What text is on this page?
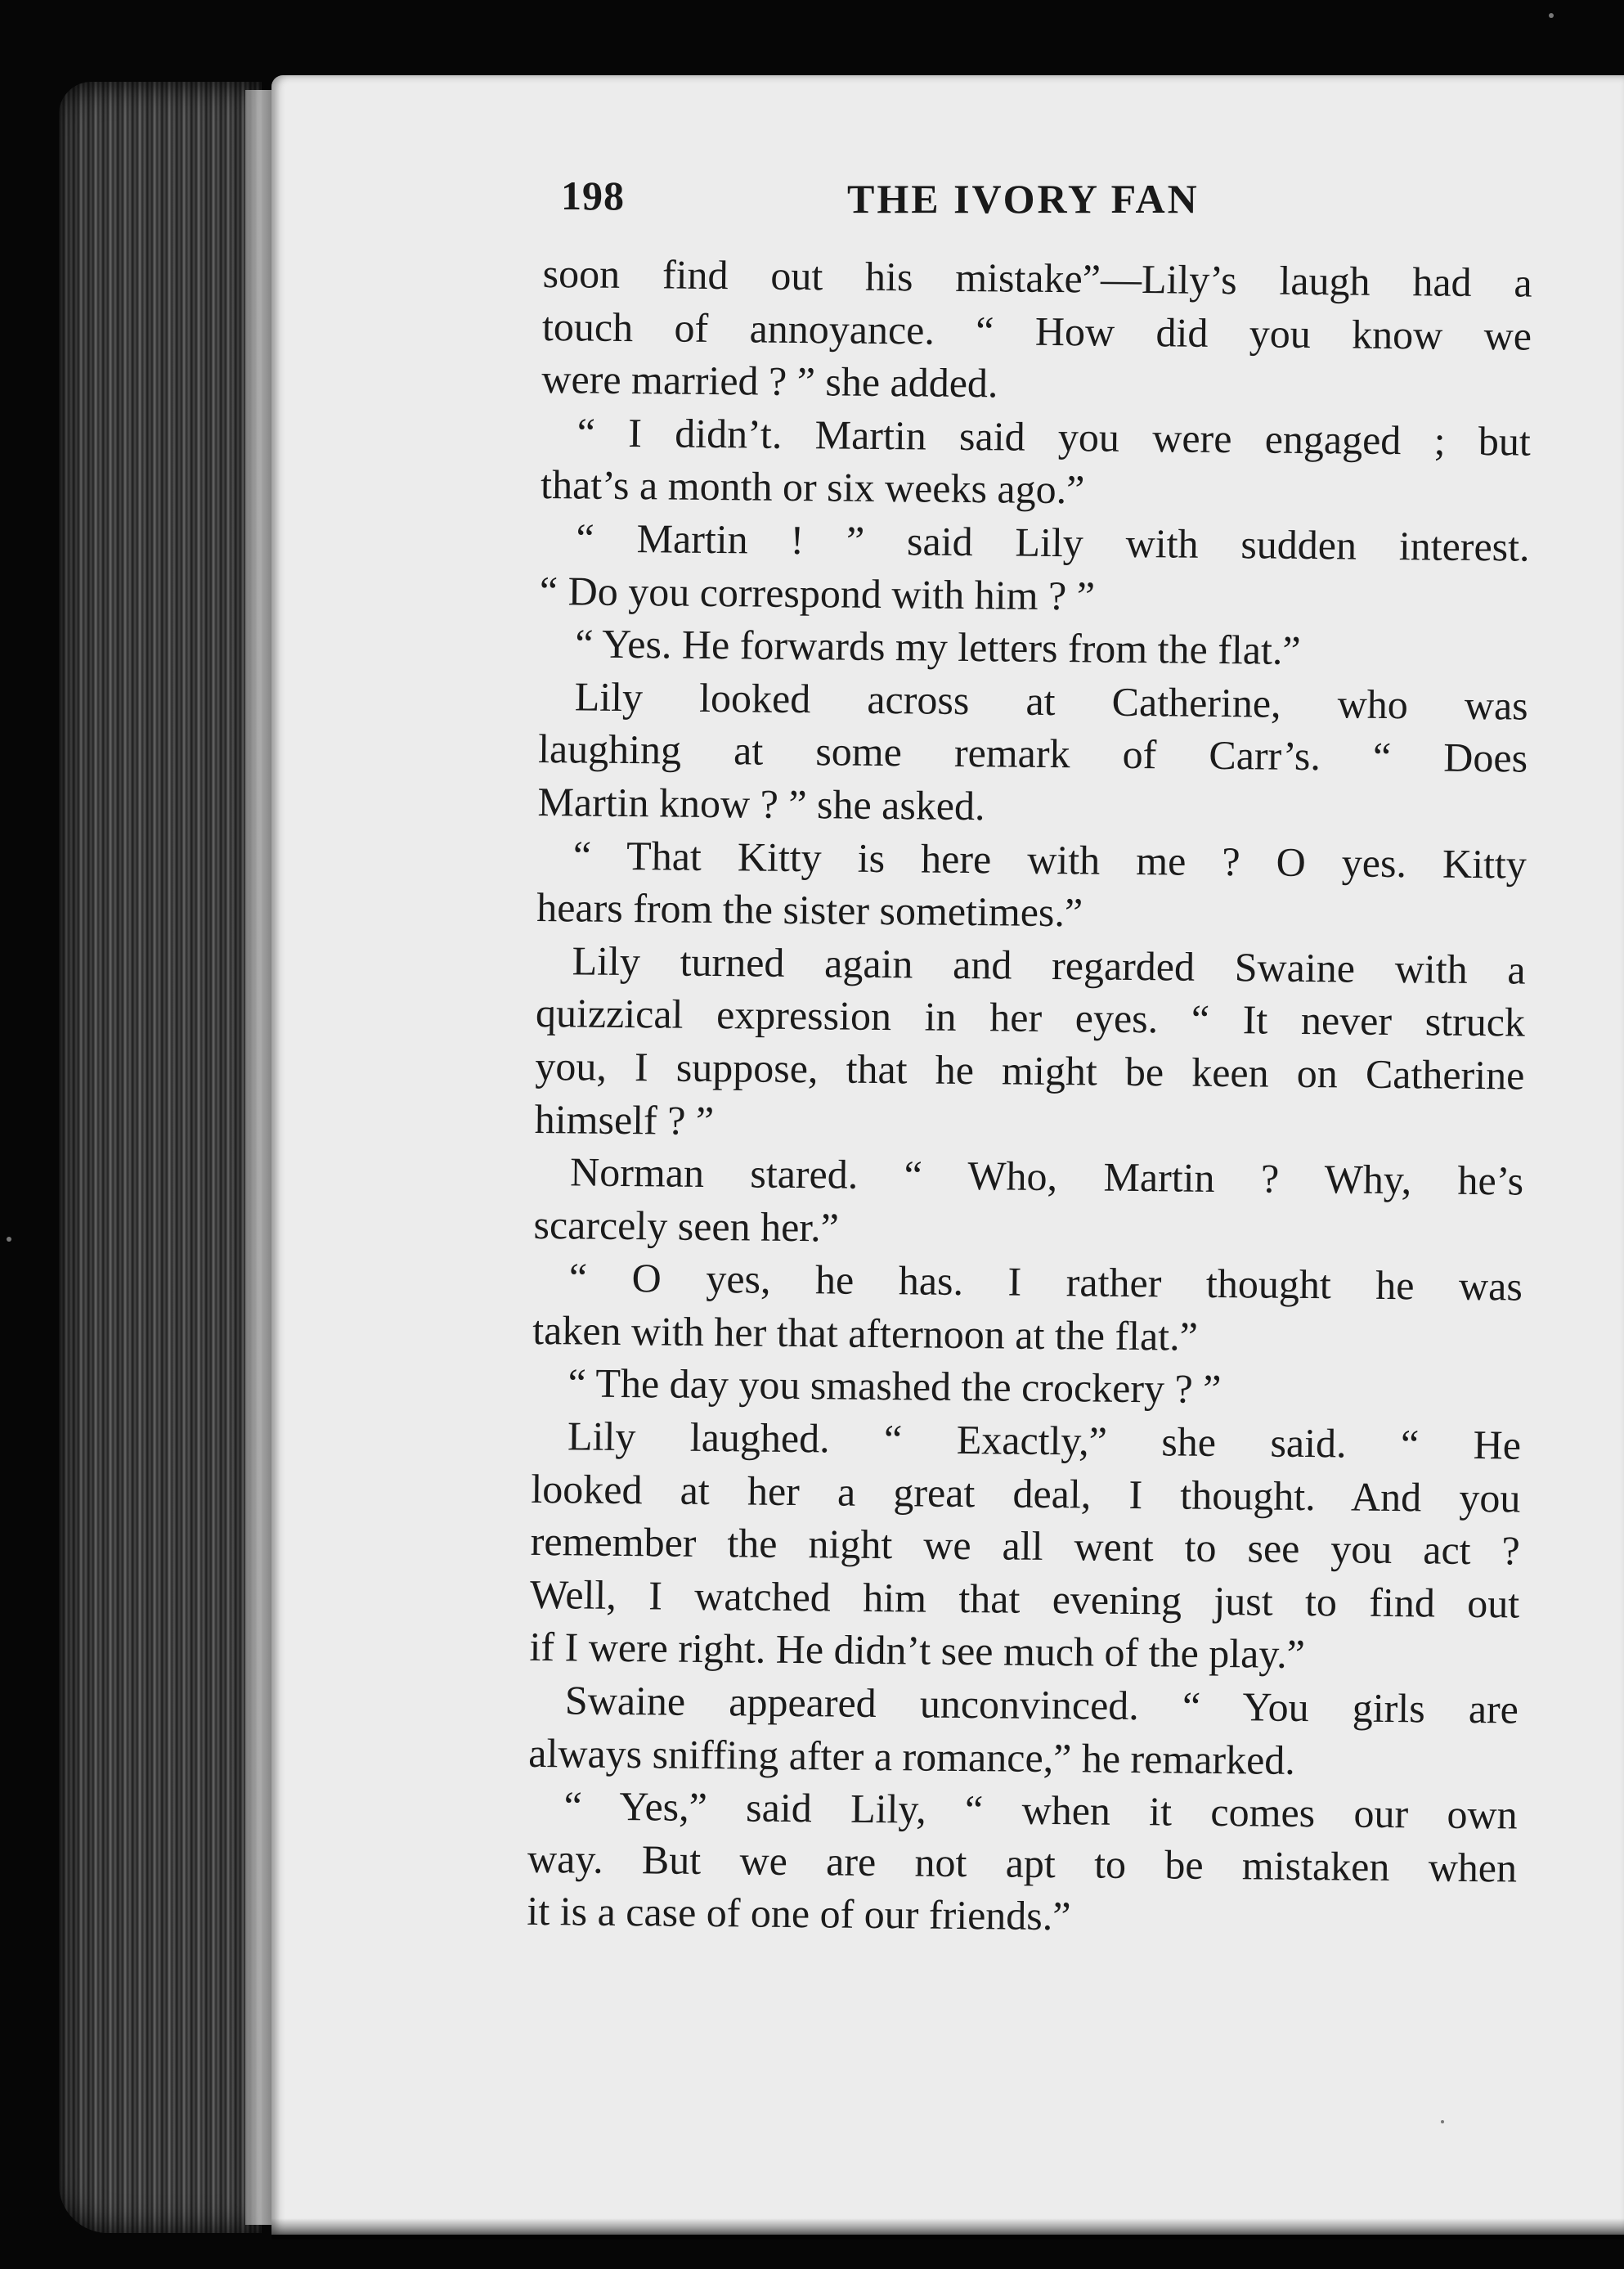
198	THE IVORY FAN
soon find out his mistake”—Lily’s laugh had a
touch of annoyance. “ How did you know we
were married ? ” she added.
“ I didn’t. Martin said you were engaged ; but
that’s a month or six weeks ago.”
“ Martin ! ” said Lily with sudden interest.
“ Do you correspond with him ? ”
“ Yes. He forwards my letters from the flat.”
Lily looked across at Catherine, who was
laughing at some remark of Carr’s. “ Does
Martin know ? ” she asked.
“ That Kitty is here with me ? O yes. Kitty
hears from the sister sometimes.”
Lily turned again and regarded Swaine with a
quizzical expression in her eyes. “ It never struck
you, I suppose, that he might be keen on Catherine
himself ? ”
Norman stared. “ Who, Martin ? Why, he’s
scarcely seen her.”
“ O yes, he has. I rather thought he was
taken with her that afternoon at the flat.”
“ The day you smashed the crockery ? ”
Lily laughed. “ Exactly,” she said. “ He
looked at her a great deal, I thought. And you
remember the night we all went to see you act ?
Well, I watched him that evening just to find out
if I were right. He didn’t see much of the play.”
Swaine appeared unconvinced. “ You girls are
always sniffing after a romance,” he remarked.
“ Yes,” said Lily, “ when it comes our own
way. But we are not apt to be mistaken when
it is a case of one of our friends.”
